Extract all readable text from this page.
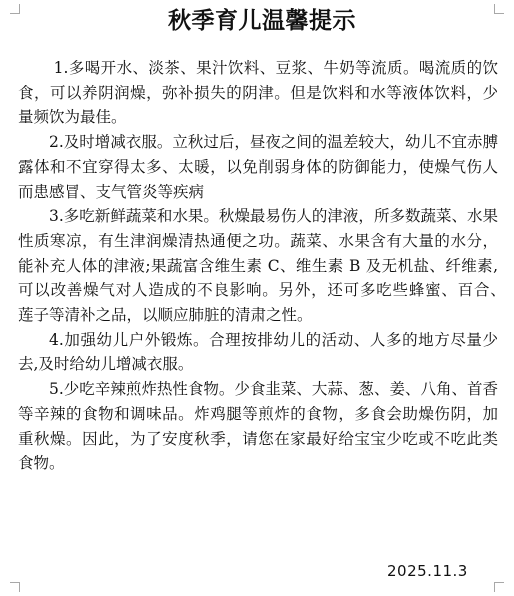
秋季育儿温馨提示

1.多喝开水、淡茶、果汁饮料、豆浆、牛奶等流质。喝流质的饮食，可以养阴润燥，弥补损失的阴津。但是饮料和水等液体饮料，少量频饮为最佳。

2.及时增减衣服。立秋过后，昼夜之间的温差较大，幼儿不宜赤膊露体和不宜穿得太多、太暖，以免削弱身体的防御能力，使燥气伤人而患感冒、支气管炎等疾病

3.多吃新鲜蔬菜和水果。秋燥最易伤人的津液，所多数蔬菜、水果性质寒凉，有生津润燥清热通便之功。蔬菜、水果含有大量的水分，能补充人体的津液;果蔬富含维生素 C、维生素 B 及无机盐、纤维素,可以改善燥气对人造成的不良影响。另外，还可多吃些蜂蜜、百合、　莲子等清补之品，以顺应肺脏的清肃之性。

4.加强幼儿户外锻炼。合理按排幼儿的活动、人多的地方尽量少去,及时给幼儿增减衣服。

5.少吃辛辣煎炸热性食物。少食韭菜、大蒜、葱、姜、八角、首香等辛辣的食物和调味品。炸鸡腿等煎炸的食物，多食会助燥伤阴，加重秋燥。因此，为了安度秋季，请您在家最好给宝宝少吃或不吃此类食物。

2025.11.3
